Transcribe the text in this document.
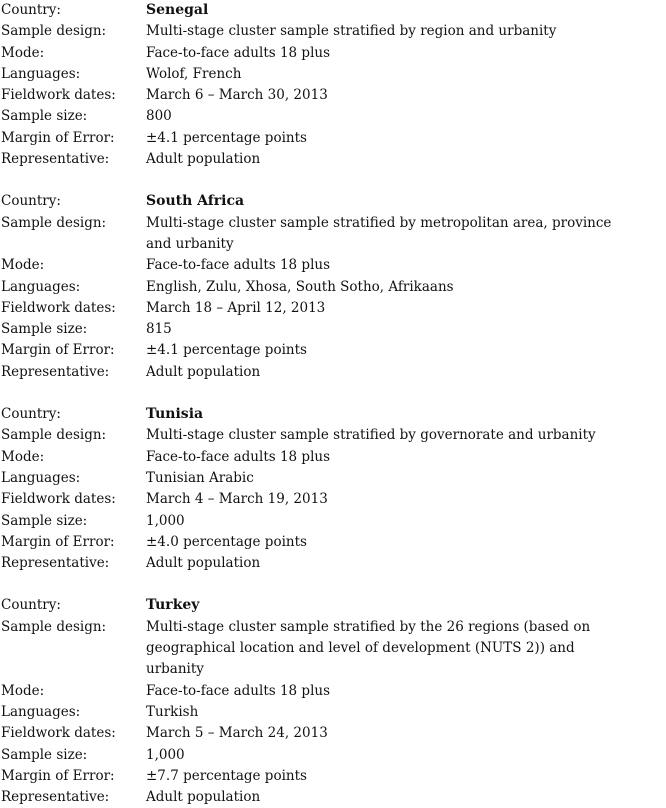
Country:	Senegal
Sample design:	Multi-stage cluster sample stratified by region and urbanity
Mode:	Face-to-face adults 18 plus
Languages:	Wolof, French
Fieldwork dates:	March 6 – March 30, 2013
Sample size:	800
Margin of Error:	±4.1 percentage points
Representative:	Adult population
Country:	South Africa
Sample design:	Multi-stage cluster sample stratified by metropolitan area, province and urbanity
Mode:	Face-to-face adults 18 plus
Languages:	English, Zulu, Xhosa, South Sotho, Afrikaans
Fieldwork dates:	March 18 – April 12, 2013
Sample size:	815
Margin of Error:	±4.1 percentage points
Representative:	Adult population
Country:	Tunisia
Sample design:	Multi-stage cluster sample stratified by governorate and urbanity
Mode:	Face-to-face adults 18 plus
Languages:	Tunisian Arabic
Fieldwork dates:	March 4 – March 19, 2013
Sample size:	1,000
Margin of Error:	±4.0 percentage points
Representative:	Adult population
Country:	Turkey
Sample design:	Multi-stage cluster sample stratified by the 26 regions (based on geographical location and level of development (NUTS 2)) and urbanity
Mode:	Face-to-face adults 18 plus
Languages:	Turkish
Fieldwork dates:	March 5 – March 24, 2013
Sample size:	1,000
Margin of Error:	±7.7 percentage points
Representative:	Adult population
